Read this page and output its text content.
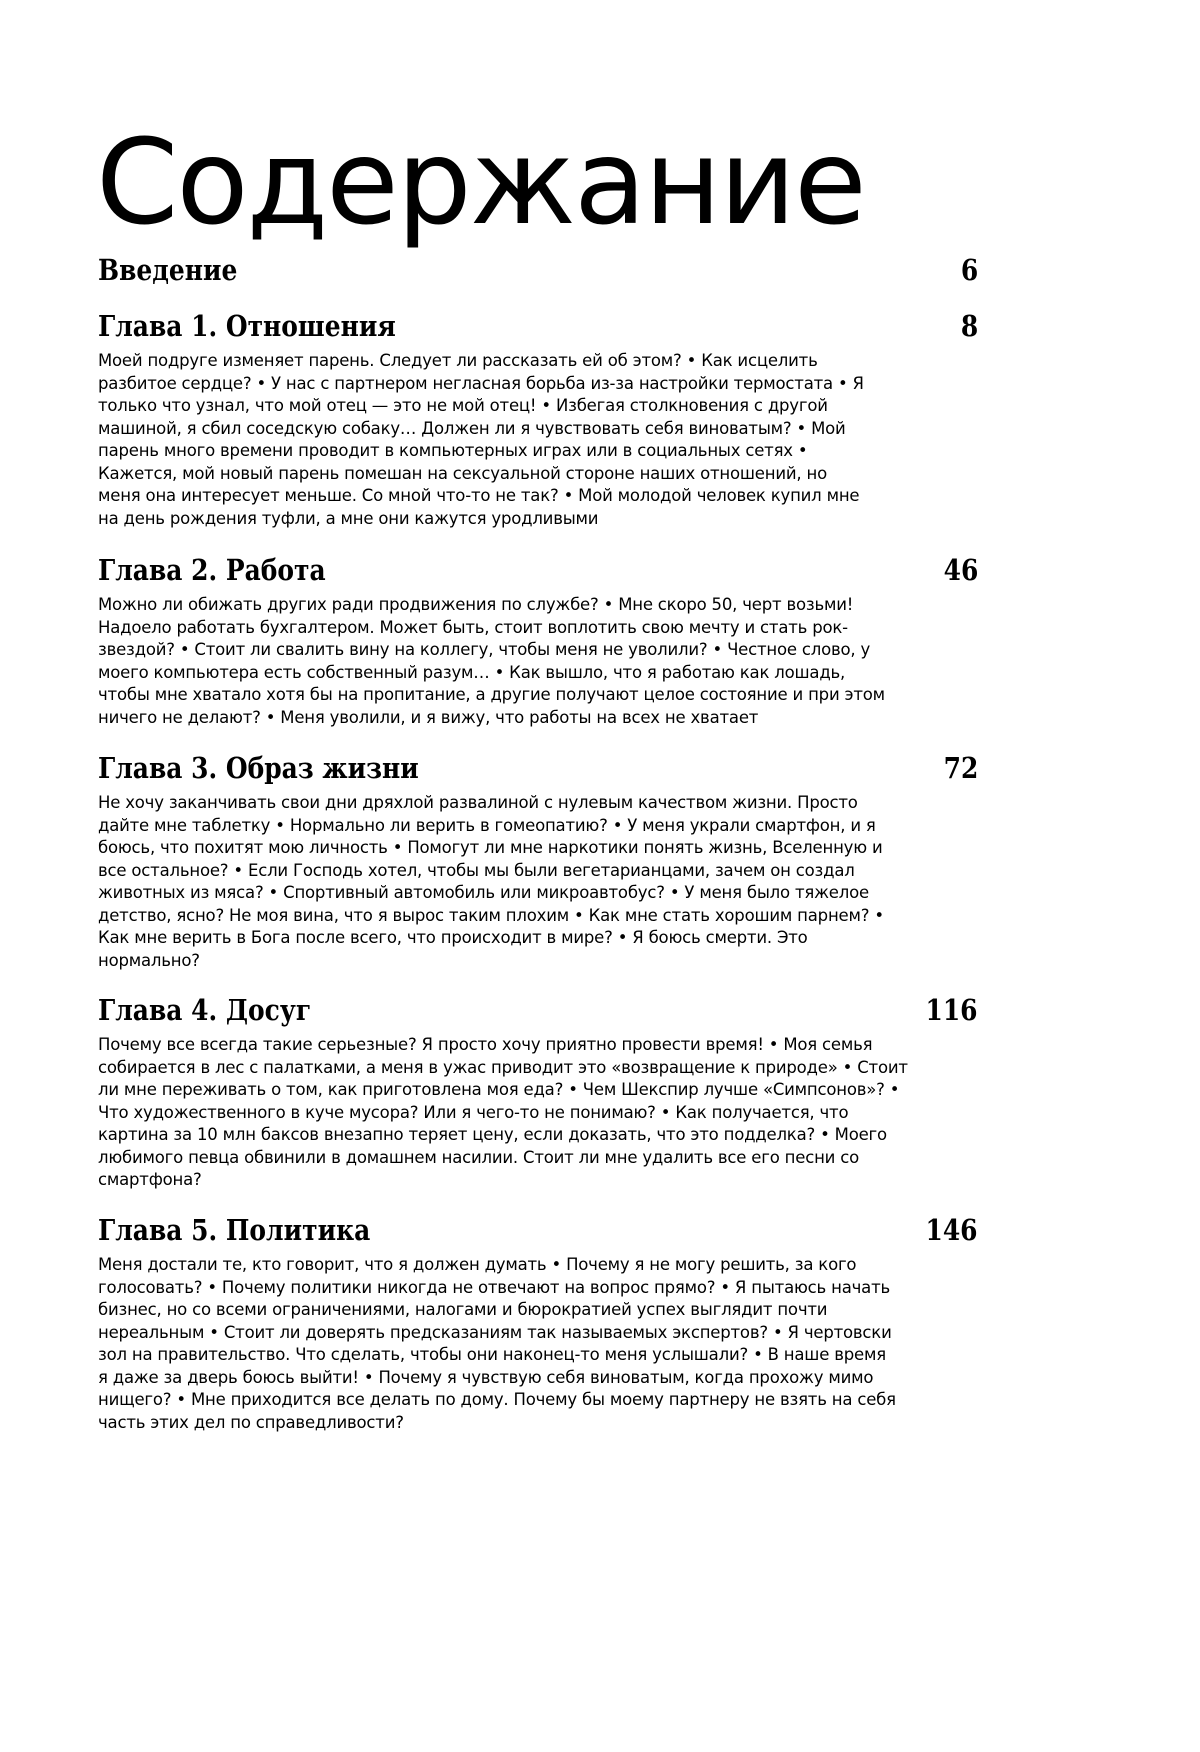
Содержание
Введение	6
Глава 1. Отношения	8

Моей подруге изменяет парень. Следует ли рассказать ей об этом? • Как исцелить разбитое сердце? • У нас с партнером негласная борьба из-за настройки термостата • Я только что узнал, что мой отец — это не мой отец! • Избегая столкновения с другой машиной, я сбил соседскую собаку… Должен ли я чувствовать себя виноватым? • Мой парень много времени проводит в компьютерных играх или в социальных сетях • Кажется, мой новый парень помешан на сексуальной стороне наших отношений, но меня она интересует меньше. Со мной что-то не так? • Мой молодой человек купил мне на день рождения туфли, а мне они кажутся уродливыми

Глава 2. Работа	46

Можно ли обижать других ради продвижения по службе? • Мне скоро 50, черт возьми! Надоело работать бухгалтером. Может быть, стоит воплотить свою мечту и стать рок-звездой? • Стоит ли свалить вину на коллегу, чтобы меня не уволили? • Честное слово, у моего компьютера есть собственный разум… • Как вышло, что я работаю как лошадь, чтобы мне хватало хотя бы на пропитание, а другие получают целое состояние и при этом ничего не делают? • Меня уволили, и я вижу, что работы на всех не хватает

Глава 3. Образ жизни	72

Не хочу заканчивать свои дни дряхлой развалиной с нулевым качеством жизни. Просто дайте мне таблетку • Нормально ли верить в гомеопатию? • У меня украли смартфон, и я боюсь, что похитят мою личность • Помогут ли мне наркотики понять жизнь, Вселенную и все остальное? • Если Господь хотел, чтобы мы были вегетарианцами, зачем он создал животных из мяса? • Спортивный автомобиль или микроавтобус? • У меня было тяжелое детство, ясно? Не моя вина, что я вырос таким плохим • Как мне стать хорошим парнем? • Как мне верить в Бога после всего, что происходит в мире? • Я боюсь смерти. Это нормально?

Глава 4. Досуг	116

Почему все всегда такие серьезные? Я просто хочу приятно провести время! • Моя семья собирается в лес с палатками, а меня в ужас приводит это «возвращение к природе» • Стоит ли мне переживать о том, как приготовлена моя еда? • Чем Шекспир лучше «Симпсонов»? • Что художественного в куче мусора? Или я чего-то не понимаю? • Как получается, что картина за 10 млн баксов внезапно теряет цену, если доказать, что это подделка? • Моего любимого певца обвинили в домашнем насилии. Стоит ли мне удалить все его песни со смартфона?

Глава 5. Политика	146

Меня достали те, кто говорит, что я должен думать • Почему я не могу решить, за кого голосовать? • Почему политики никогда не отвечают на вопрос прямо? • Я пытаюсь начать бизнес, но со всеми ограничениями, налогами и бюрократией успех выглядит почти нереальным • Стоит ли доверять предсказаниям так называемых экспертов? • Я чертовски зол на правительство. Что сделать, чтобы они наконец-то меня услышали? • В наше время я даже за дверь боюсь выйти! • Почему я чувствую себя виноватым, когда прохожу мимо нищего? • Мне приходится все делать по дому. Почему бы моему партнеру не взять на себя часть этих дел по справедливости?
